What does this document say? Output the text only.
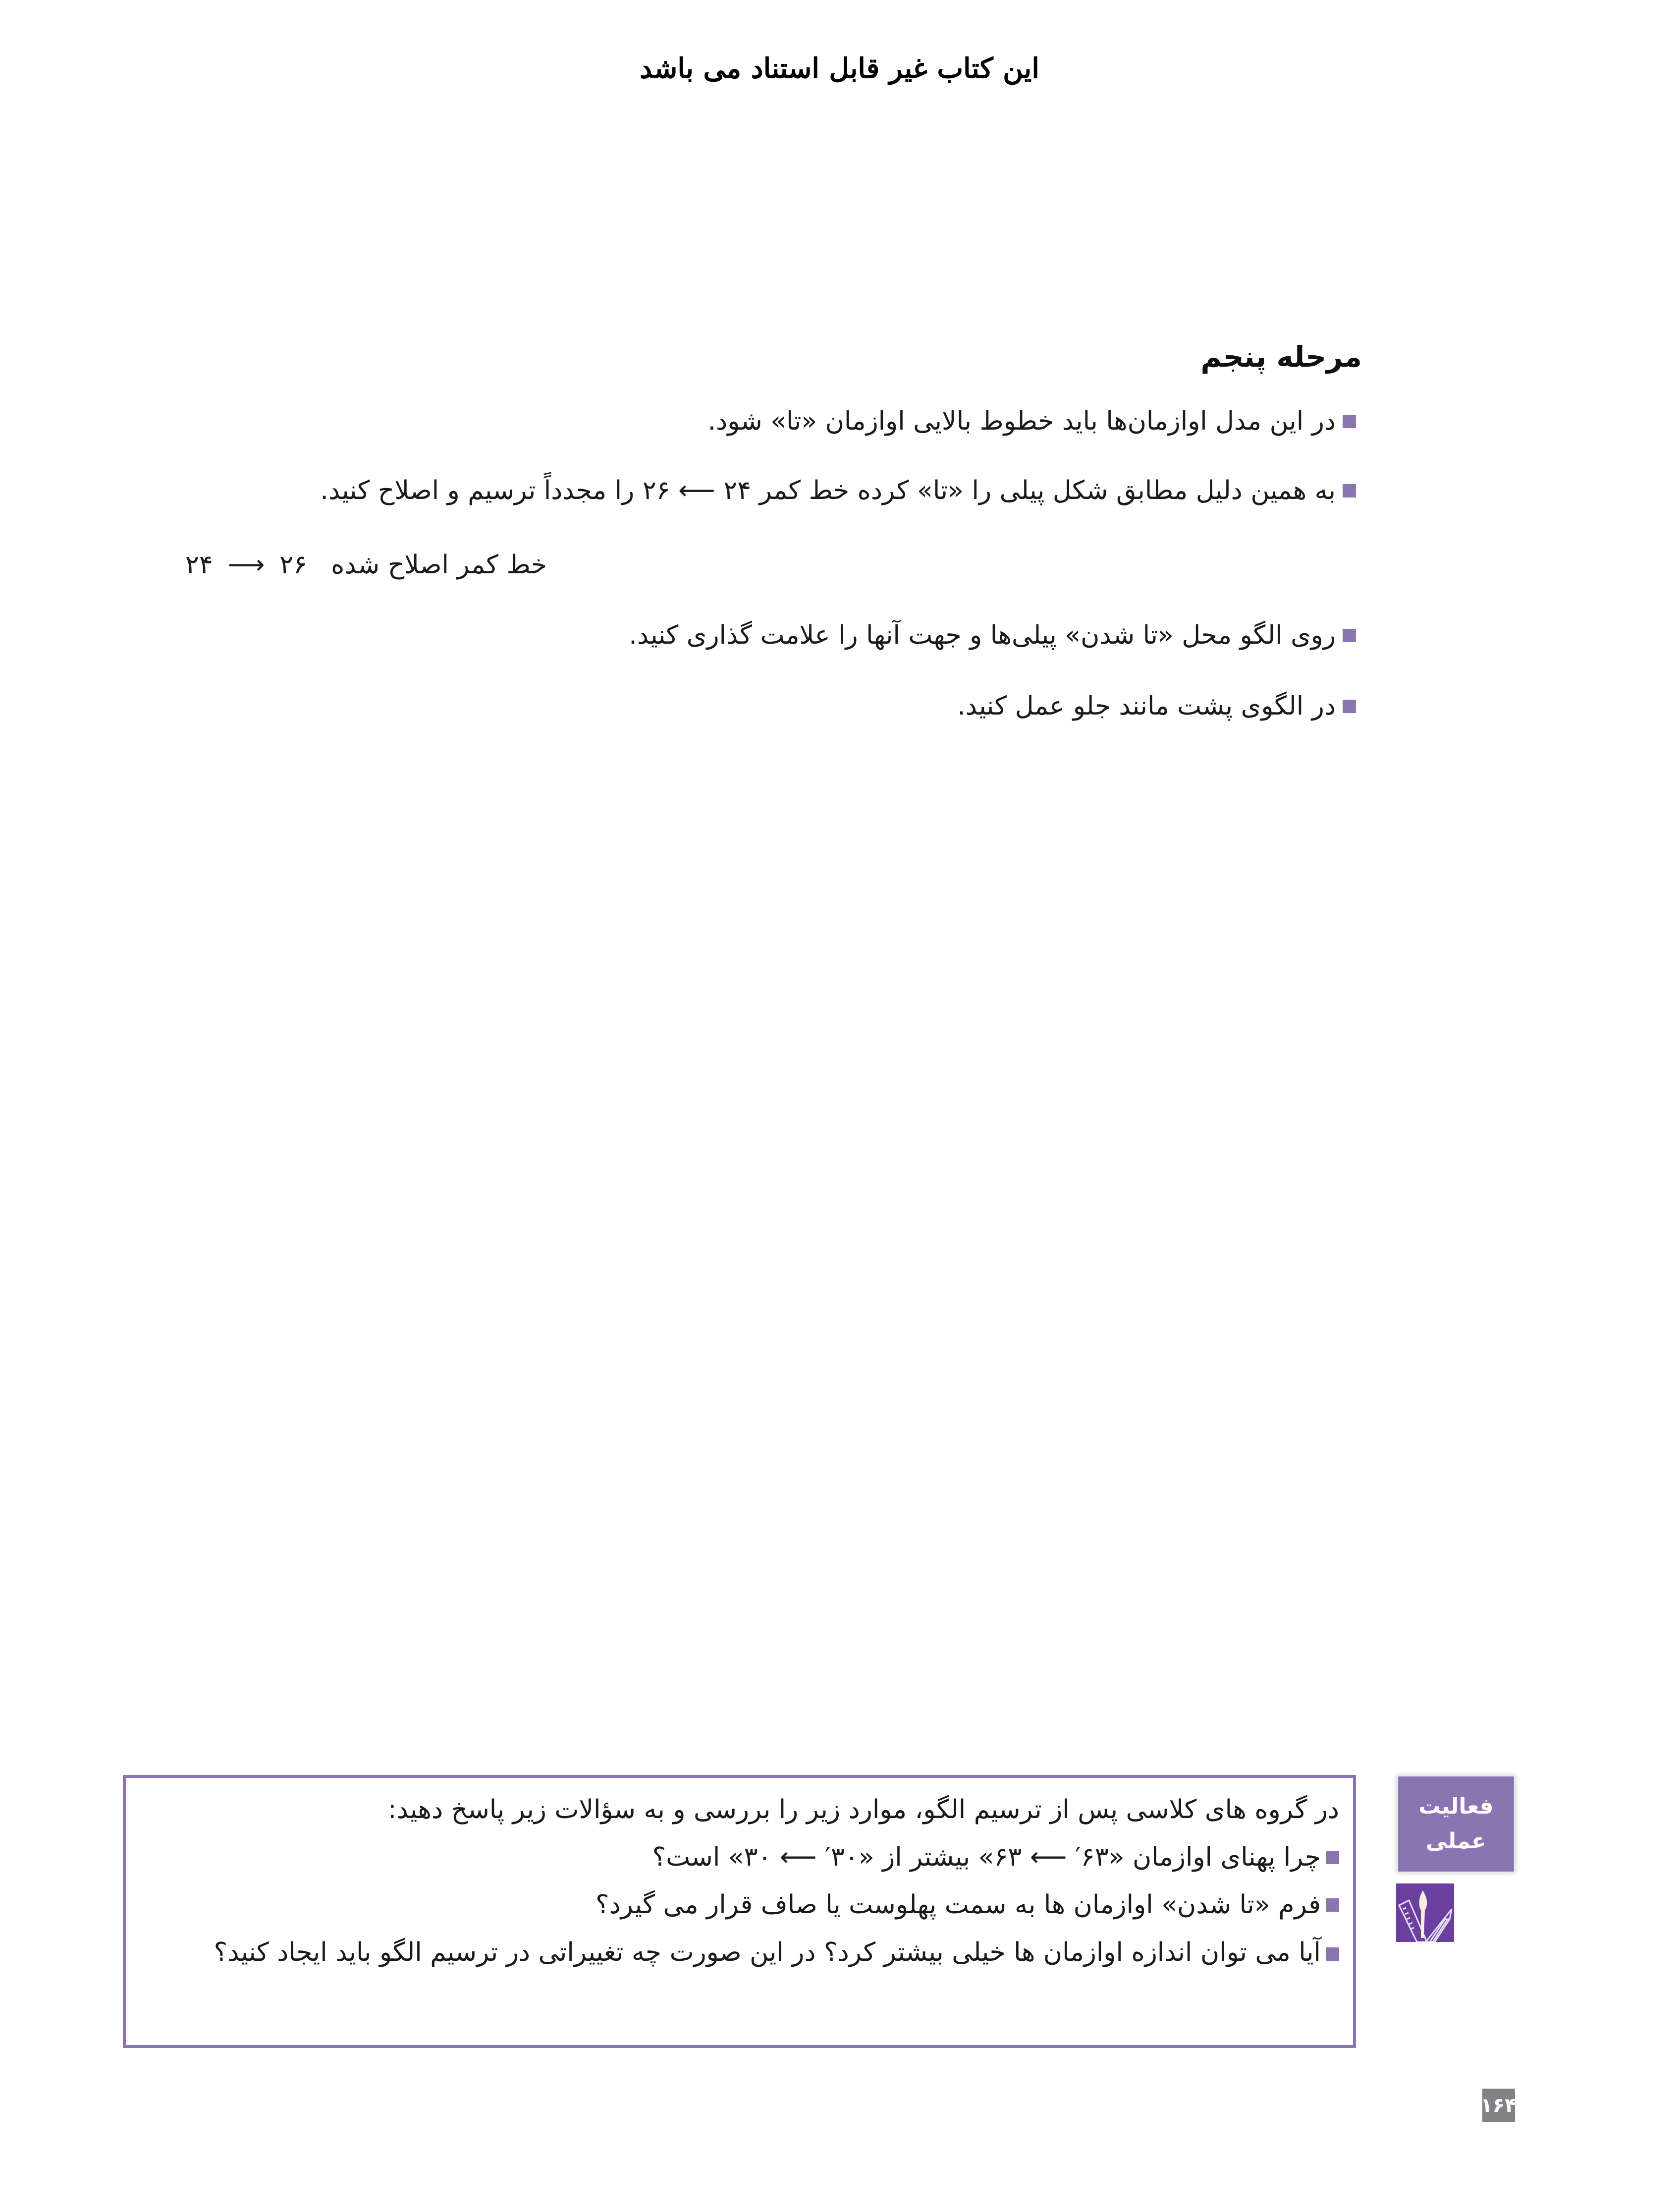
این کتاب غیر قابل استناد می باشد
مرحله پنجم
در این مدل اوازمان‌ها باید خطوط بالایی اوازمان «تا» شود.
به همین دلیل مطابق شکل پیلی را «تا» کرده خط کمر ۲۴ ⟵ ۲۶ را مجدداً ترسیم و اصلاح کنید.
خط کمر اصلاح شده
۲۶
⟶
۲۴
روی الگو محل «تا شدن» پیلی‌ها و جهت آنها را علامت گذاری کنید.
در الگوی پشت مانند جلو عمل کنید.
در گروه های کلاسی پس از ترسیم الگو، موارد زیر را بررسی و به سؤالات زیر پاسخ دهید:
چرا پهنای اوازمان «۶۳′ ⟵ ۶۳» بیشتر از «۳۰′ ⟵ ۳۰» است؟
فرم «تا شدن» اوازمان ها به سمت پهلوست یا صاف قرار می گیرد؟
آیا می توان اندازه اوازمان ها خیلی بیشتر کرد؟ در این صورت چه تغییراتی در ترسیم الگو باید ایجاد کنید؟
فعالیت
عملی
۱۶۴
